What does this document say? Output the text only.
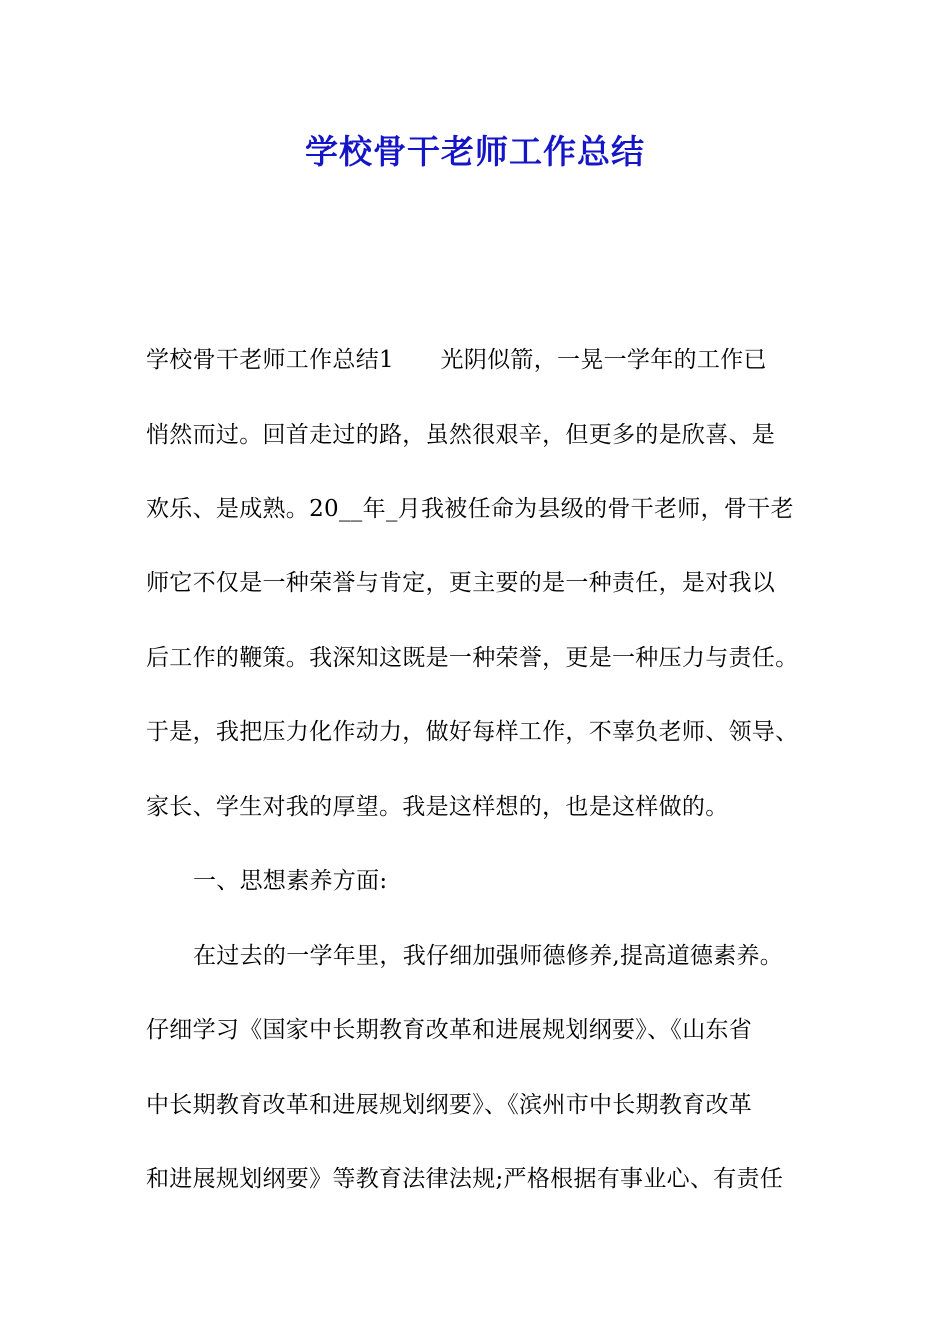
学校骨干老师工作总结
学校骨干老师工作总结1　　光阴似箭，一晃一学年的工作已
悄然而过。回首走过的路，虽然很艰辛，但更多的是欣喜、是
欢乐、是成熟。20__年_月我被任命为县级的骨干老师，骨干老
师它不仅是一种荣誉与肯定，更主要的是一种责任，是对我以
后工作的鞭策。我深知这既是一种荣誉，更是一种压力与责任。
于是，我把压力化作动力，做好每样工作，不辜负老师、领导、
家长、学生对我的厚望。我是这样想的，也是这样做的。
一、思想素养方面:
在过去的一学年里，我仔细加强师德修养,提高道德素养。
仔细学习《国家中长期教育改革和进展规划纲要》、《山东省
中长期教育改革和进展规划纲要》、《滨州市中长期教育改革
和进展规划纲要》等教育法律法规;严格根据有事业心、有责任
